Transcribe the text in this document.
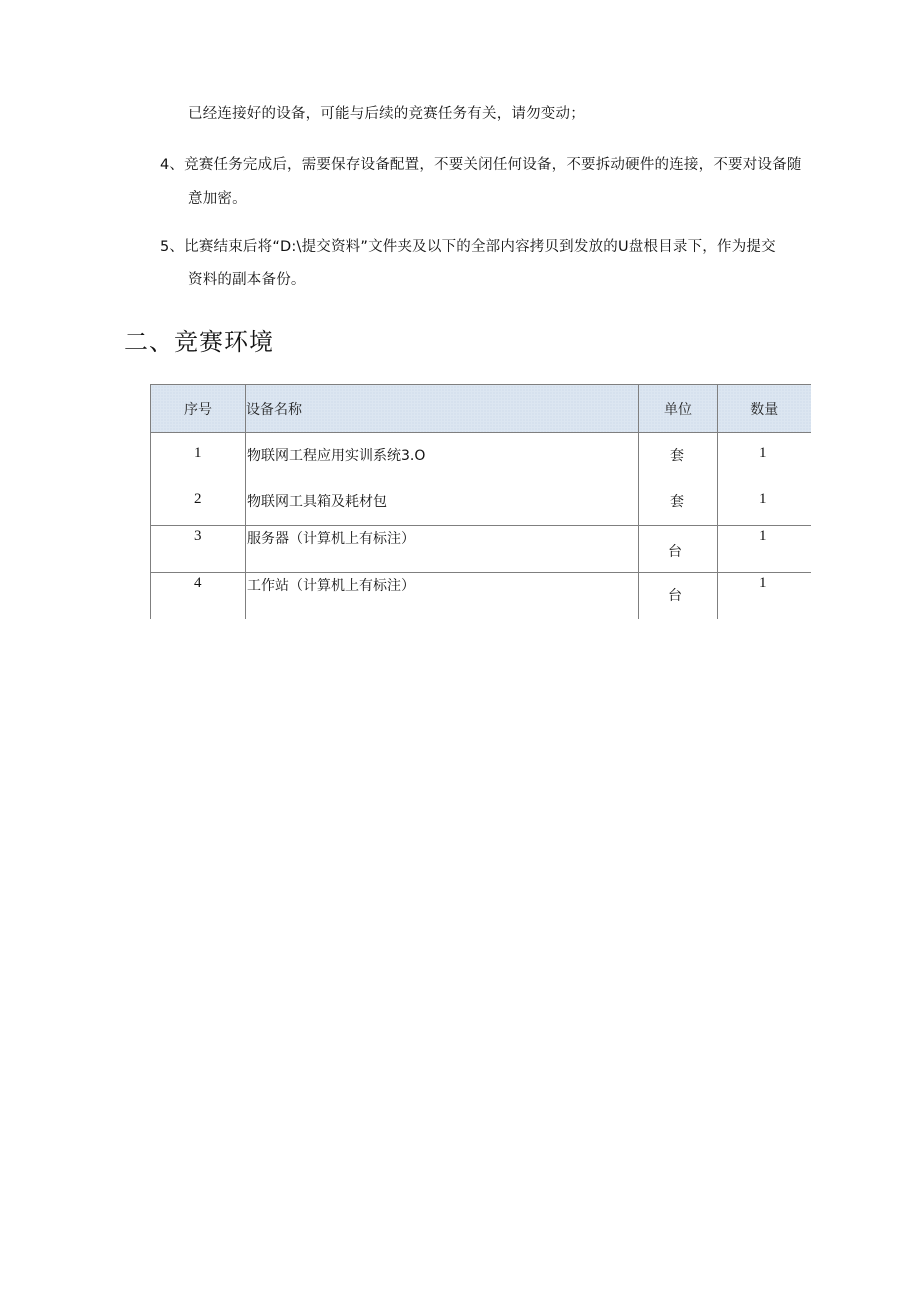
已经连接好的设备，可能与后续的竞赛任务有关，请勿变动；
4、竞赛任务完成后，需要保存设备配置，不要关闭任何设备，不要拆动硬件的连接，不要对设备随
意加密。
5、比赛结束后将“D:\提交资料”文件夹及以下的全部内容拷贝到发放的U盘根目录下，作为提交
资料的副本备份。
二、竞赛环境
序号	设备名称	单位	数量

1	物联网工程应用实训系统3.O	套	1

2	物联网工具箱及耗材包	套	1

3	服务器（计算机上有标注）	台	1

4	工作站（计算机上有标注）	台	1
